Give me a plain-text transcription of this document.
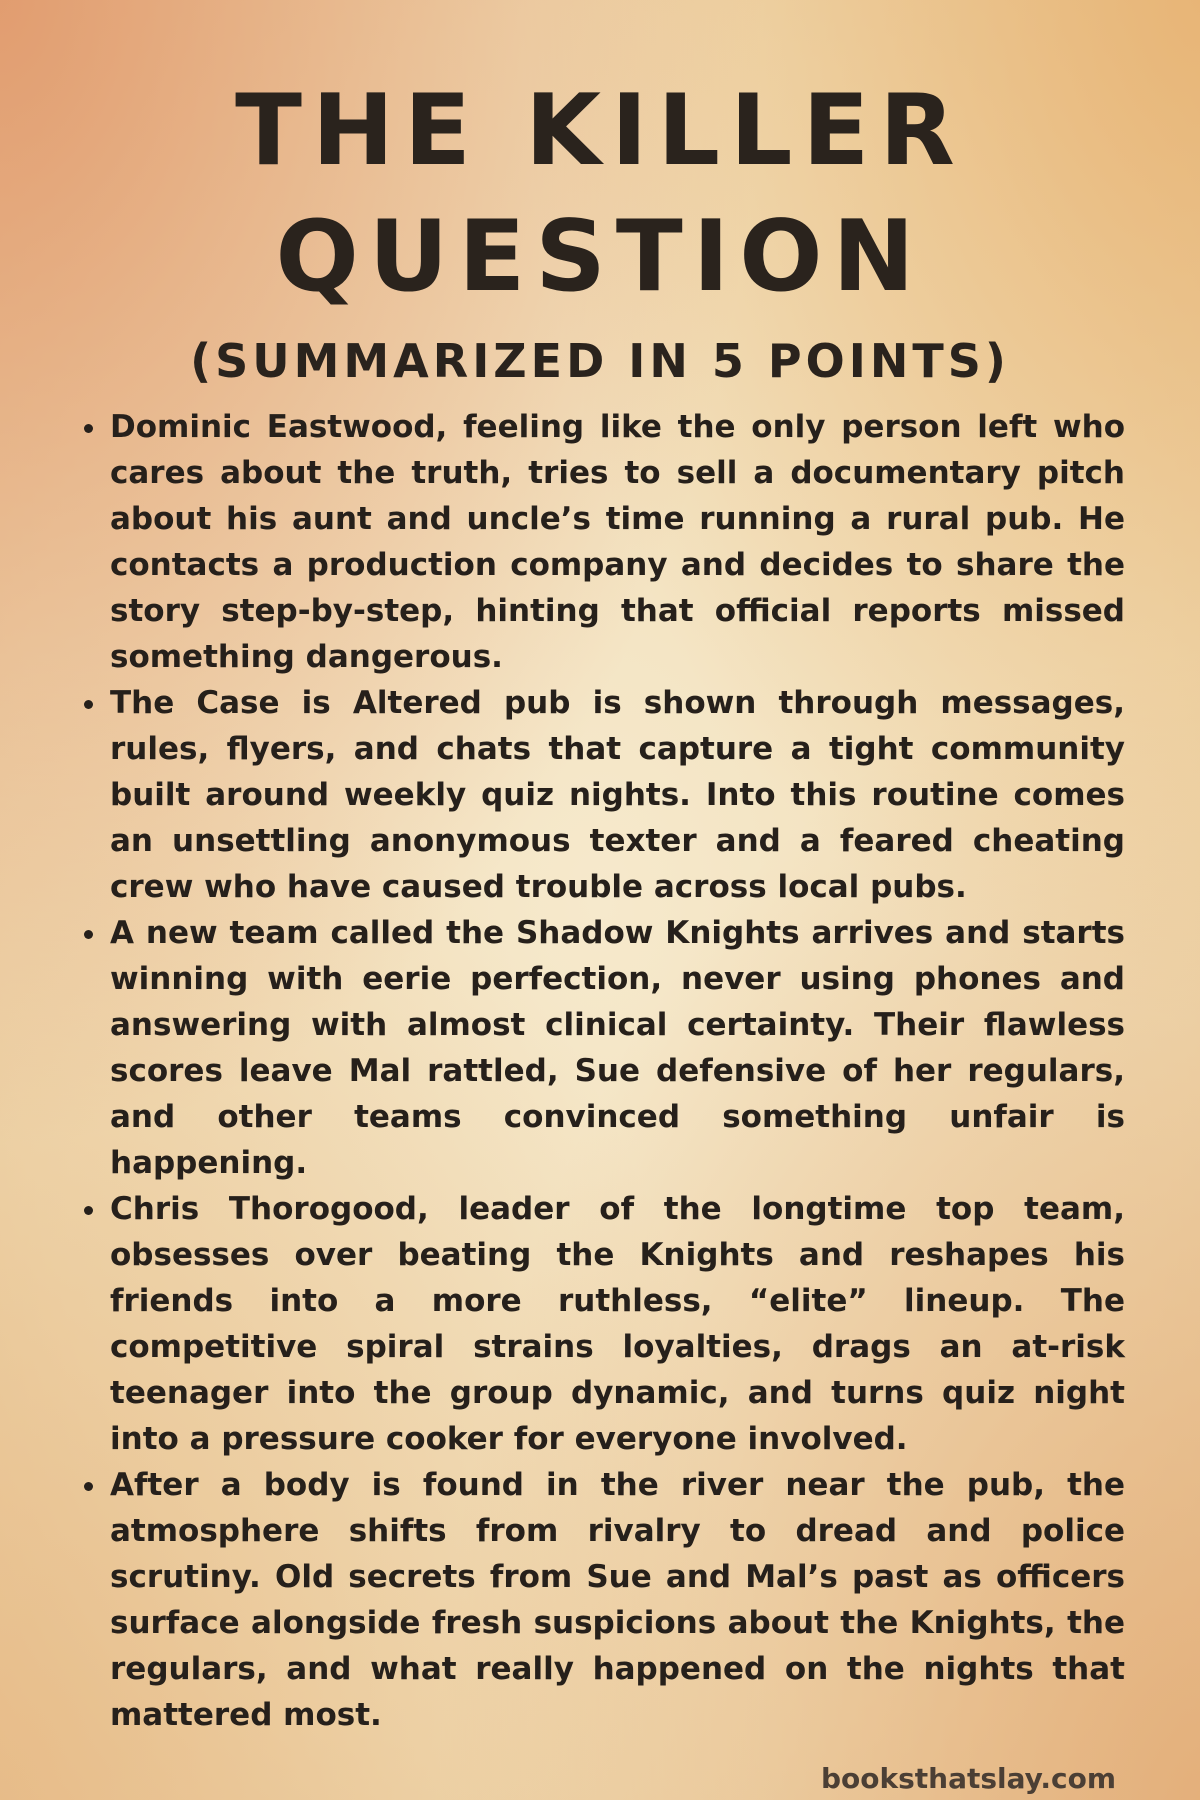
THE KILLER
QUESTION
(SUMMARIZED IN 5 POINTS)
Dominic Eastwood, feeling like the only person left who cares about the truth, tries to sell a documentary pitch about his aunt and uncle’s time running a rural pub. He contacts a production company and decides to share the story step-by-step, hinting that official reports missed something dangerous.
The Case is Altered pub is shown through messages, rules, flyers, and chats that capture a tight community built around weekly quiz nights. Into this routine comes an unsettling anonymous texter and a feared cheating crew who have caused trouble across local pubs.
A new team called the Shadow Knights arrives and starts winning with eerie perfection, never using phones and answering with almost clinical certainty. Their flawless scores leave Mal rattled, Sue defensive of her regulars, and other teams convinced something unfair is happening.
Chris Thorogood, leader of the longtime top team, obsesses over beating the Knights and reshapes his friends into a more ruthless, “elite” lineup. The competitive spiral strains loyalties, drags an at-risk teenager into the group dynamic, and turns quiz night into a pressure cooker for everyone involved.
After a body is found in the river near the pub, the atmosphere shifts from rivalry to dread and police scrutiny. Old secrets from Sue and Mal’s past as officers surface alongside fresh suspicions about the Knights, the regulars, and what really happened on the nights that mattered most.
booksthatslay.com
